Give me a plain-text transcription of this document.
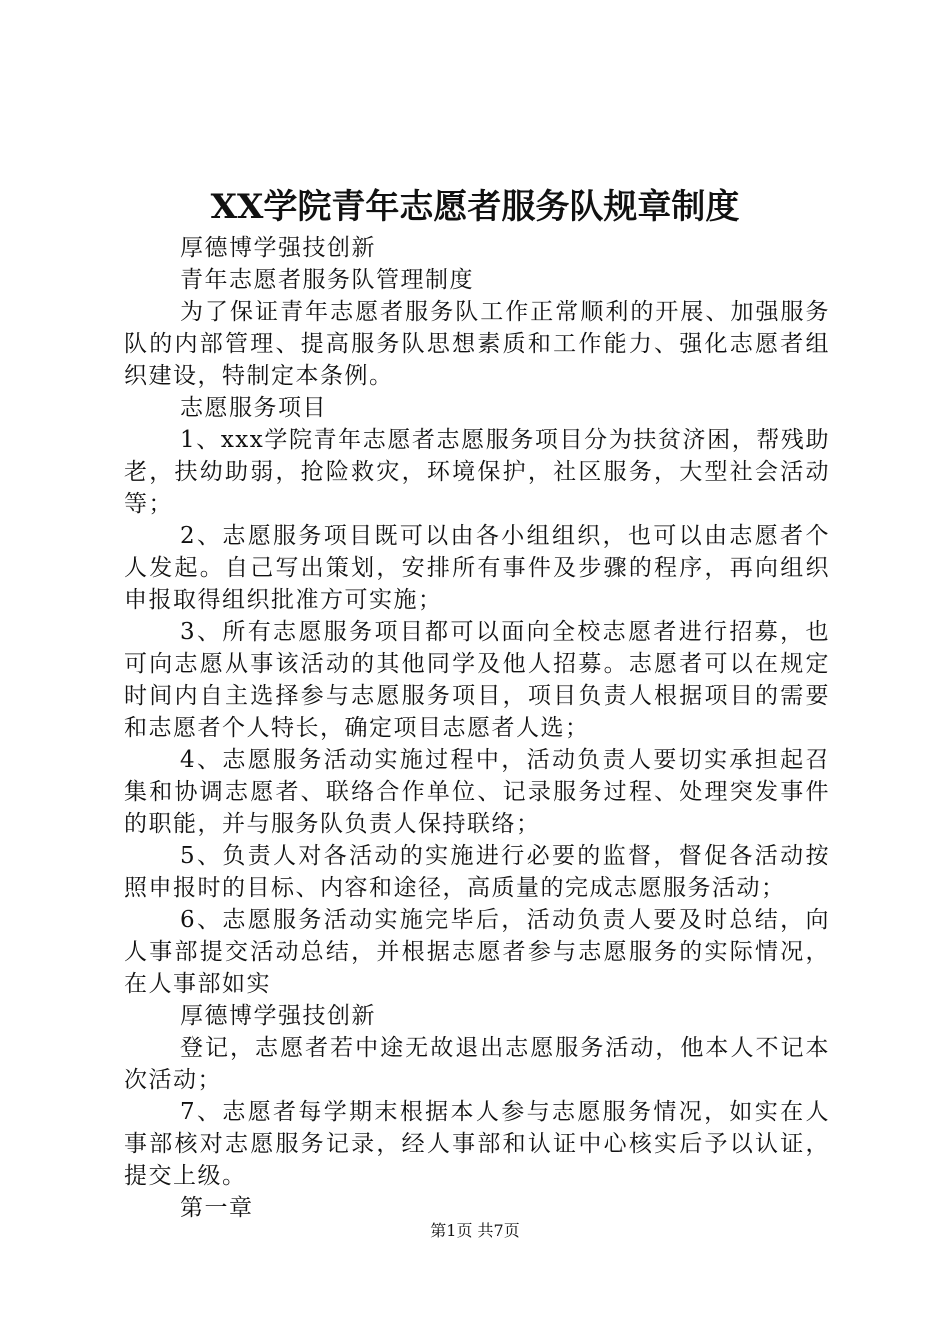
XX学院青年志愿者服务队规章制度

厚德博学强技创新

青年志愿者服务队管理制度

为了保证青年志愿者服务队工作正常顺利的开展、加强服务队的内部管理、提高服务队思想素质和工作能力、强化志愿者组织建设，特制定本条例。

志愿服务项目

1、xxx学院青年志愿者志愿服务项目分为扶贫济困，帮残助老，扶幼助弱，抢险救灾，环境保护，社区服务，大型社会活动等；

2、志愿服务项目既可以由各小组组织，也可以由志愿者个人发起。自己写出策划，安排所有事件及步骤的程序，再向组织申报取得组织批准方可实施；

3、所有志愿服务项目都可以面向全校志愿者进行招募，也可向志愿从事该活动的其他同学及他人招募。志愿者可以在规定时间内自主选择参与志愿服务项目，项目负责人根据项目的需要和志愿者个人特长，确定项目志愿者人选；

4、志愿服务活动实施过程中，活动负责人要切实承担起召集和协调志愿者、联络合作单位、记录服务过程、处理突发事件的职能，并与服务队负责人保持联络；

5、负责人对各活动的实施进行必要的监督，督促各活动按照申报时的目标、内容和途径，高质量的完成志愿服务活动；

6、志愿服务活动实施完毕后，活动负责人要及时总结，向人事部提交活动总结，并根据志愿者参与志愿服务的实际情况，在人事部如实

厚德博学强技创新

登记，志愿者若中途无故退出志愿服务活动，他本人不记本次活动；

7、志愿者每学期末根据本人参与志愿服务情况，如实在人事部核对志愿服务记录，经人事部和认证中心核实后予以认证，提交上级。

第一章

第1页 共7页
